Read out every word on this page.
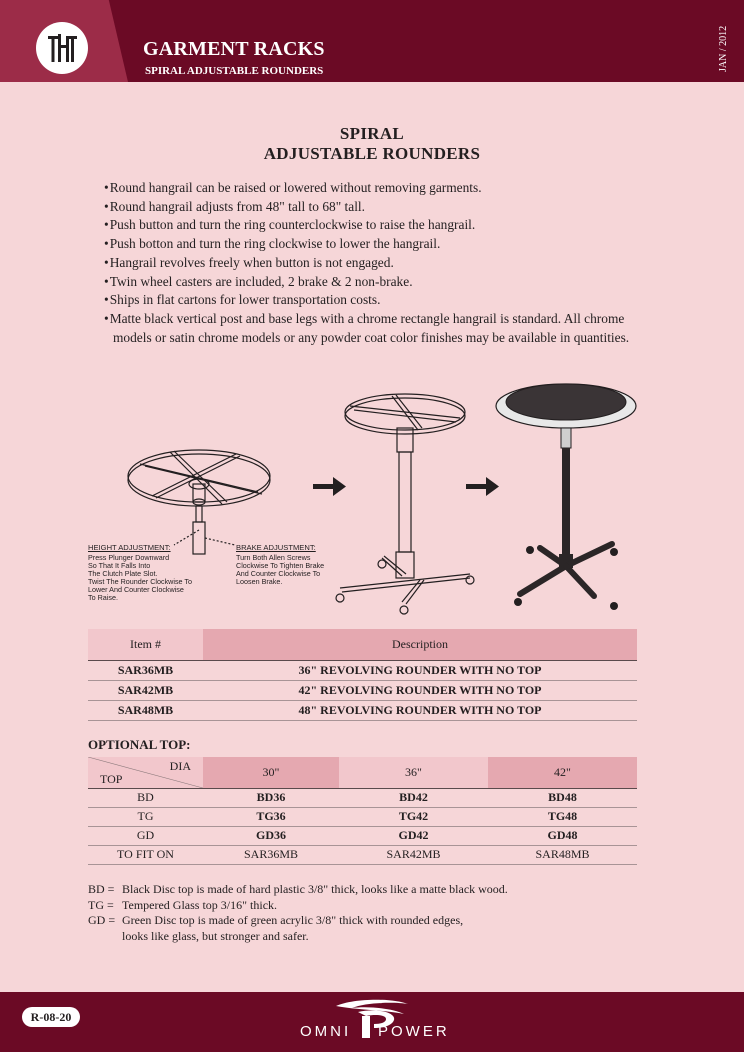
GARMENT RACKS
SPIRAL ADJUSTABLE ROUNDERS	JAN / 2012
SPIRAL
ADJUSTABLE ROUNDERS
• Round hangrail can be raised or lowered without removing garments.
• Round hangrail adjusts from 48" tall to 68" tall.
• Push button and turn the ring counterclockwise to raise the hangrail.
• Push botton and turn the ring clockwise to lower the hangrail.
• Hangrail revolves freely when button is not engaged.
• Twin wheel casters are included, 2 brake & 2 non-brake.
• Ships in flat cartons for lower transportation costs.
• Matte black vertical post and base legs with a chrome rectangle hangrail is standard. All chrome models or satin chrome models or any powder coat color finishes may be available in quantities.
HEIGHT ADJUSTMENT:
Press Plunger Downward
So That It Falls Into
The Clutch Plate Slot.
Twist The Rounder Clockwise To
Lower And Counter Clockwise
To Raise.
BRAKE ADJUSTMENT:
Turn Both Allen Screws
Clockwise To Tighten Brake
And Counter Clockwise To
Loosen Brake.
Item #	Description
SAR36MB	36" REVOLVING ROUNDER WITH NO TOP
SAR42MB	42" REVOLVING ROUNDER WITH NO TOP
SAR48MB	48" REVOLVING ROUNDER WITH NO TOP
OPTIONAL TOP:
DIA
TOP	30"	36"	42"
BD	BD36	BD42	BD48
TG	TG36	TG42	TG48
GD	GD36	GD42	GD48
TO FIT ON	SAR36MB	SAR42MB	SAR48MB
BD = Black Disc top is made of hard plastic 3/8" thick, looks like a matte black wood.
TG = Tempered Glass top 3/16" thick.
GD = Green Disc top is made of green acrylic 3/8" thick with rounded edges,
looks like glass, but stronger and safer.
R-08-20
OMNI POWER
